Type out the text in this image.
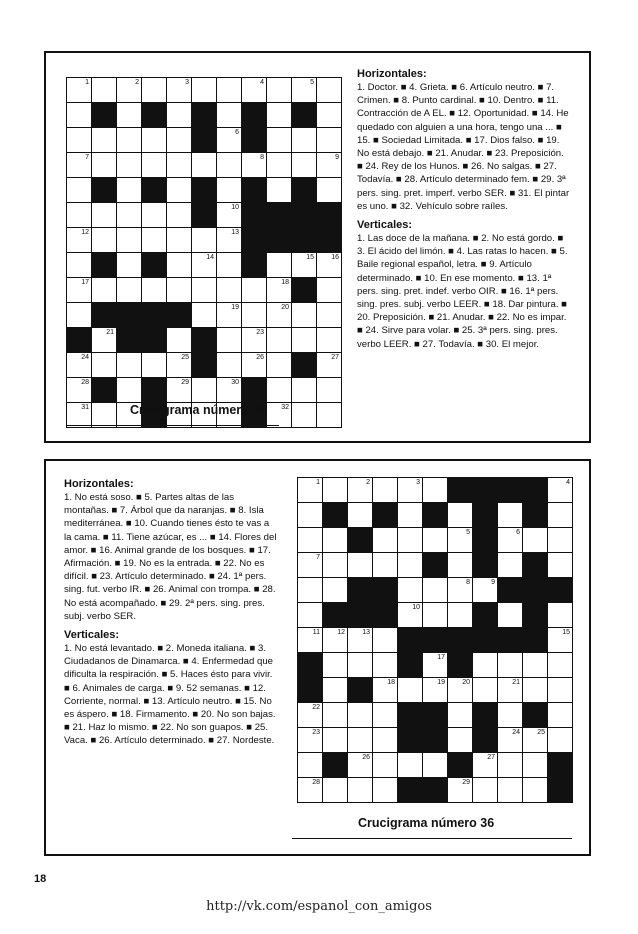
1		2		3			4		5	

						6				

7							8			9

						10				

12						13				

					14				15	16

17								18		

						19		20		

	21						23			

24				25			26			27

28				29		30				

31								32		

Horizontales:

1. Doctor. ■ 4. Grieta. ■ 6. Artículo neutro. ■ 7. Crimen. ■ 8. Punto cardinal. ■ 10. Dentro. ■ 11. Contracción de A EL. ■ 12. Oportunidad. ■ 14. He quedado con alguien a una hora, tengo una ... ■ 15. ■ Sociedad Limitada. ■ 17. Dios falso. ■ 19. No está debajo. ■ 21. Anudar. ■ 23. Preposición. ■ 24. Rey de los Hunos. ■ 26. No salgas. ■ 27. Todavía. ■ 28. Artículo determinado fem. ■ 29. 3ª pers. sing. pret. imperf. verbo SER. ■ 31. El pintar es uno. ■ 32. Vehículo sobre raíles.

Verticales:

1. Las doce de la mañana. ■ 2. No está gordo. ■ 3. El ácido del limón. ■ 4. Las ratas lo hacen. ■ 5. Baile regional español, letra. ■ 9. Artículo determinado. ■ 10. En ese momento. ■ 13. 1ª pers. sing. pret. indef. verbo OIR. ■ 16. 1ª pers. sing. pres. subj. verbo LEER. ■ 18. Dar pintura. ■ 20. Preposición. ■ 21. Anudar. ■ 22. No es impar. ■ 24. Sirve para volar. ■ 25. 3ª pers. sing. pres. verbo LEER. ■ 27. Todavía. ■ 30. El mejor.

Crucigrama número 35
Horizontales:

1. No está soso. ■ 5. Partes altas de las montañas. ■ 7. Árbol que da naranjas. ■ 8. Isla mediterránea. ■ 10. Cuando tienes ésto te vas a la cama. ■ 11. Tiene azúcar, es ... ■ 14. Flores del amor. ■ 16. Animal grande de los bosques. ■ 17. Afirmación. ■ 19. No es la entrada. ■ 22. No es difícil. ■ 23. Artículo determinado. ■ 24. 1ª pers. sing. fut. verbo IR. ■ 26. Animal con trompa. ■ 28. No está acompañado. ■ 29. 2ª pers. sing. pres. subj. verbo SER.

Verticales:

1. No está levantado. ■ 2. Moneda italiana. ■ 3. Ciudadanos de Dinamarca. ■ 4. Enfermedad que dificulta la respiración. ■ 5. Haces ésto para vivir. ■ 6. Animales de carga. ■ 9. 52 semanas. ■ 12. Corriente, normal. ■ 13. Artículo neutro. ■ 15. No es áspero. ■ 18. Firmamento. ■ 20. No son bajas. ■ 21. Haz lo mismo. ■ 22. No son guapos. ■ 25. Vaca. ■ 26. Artículo determinado. ■ 27. Nordeste.

1		2		3						4

						5		6		

7										

						8	9			

				10						

11	12	13								15

					17					

			18		19	20		21		

22										

23								24	25	

		26					27			

28						29				

Crucigrama número 36
18
http://vk.com/espanol_con_amigos
